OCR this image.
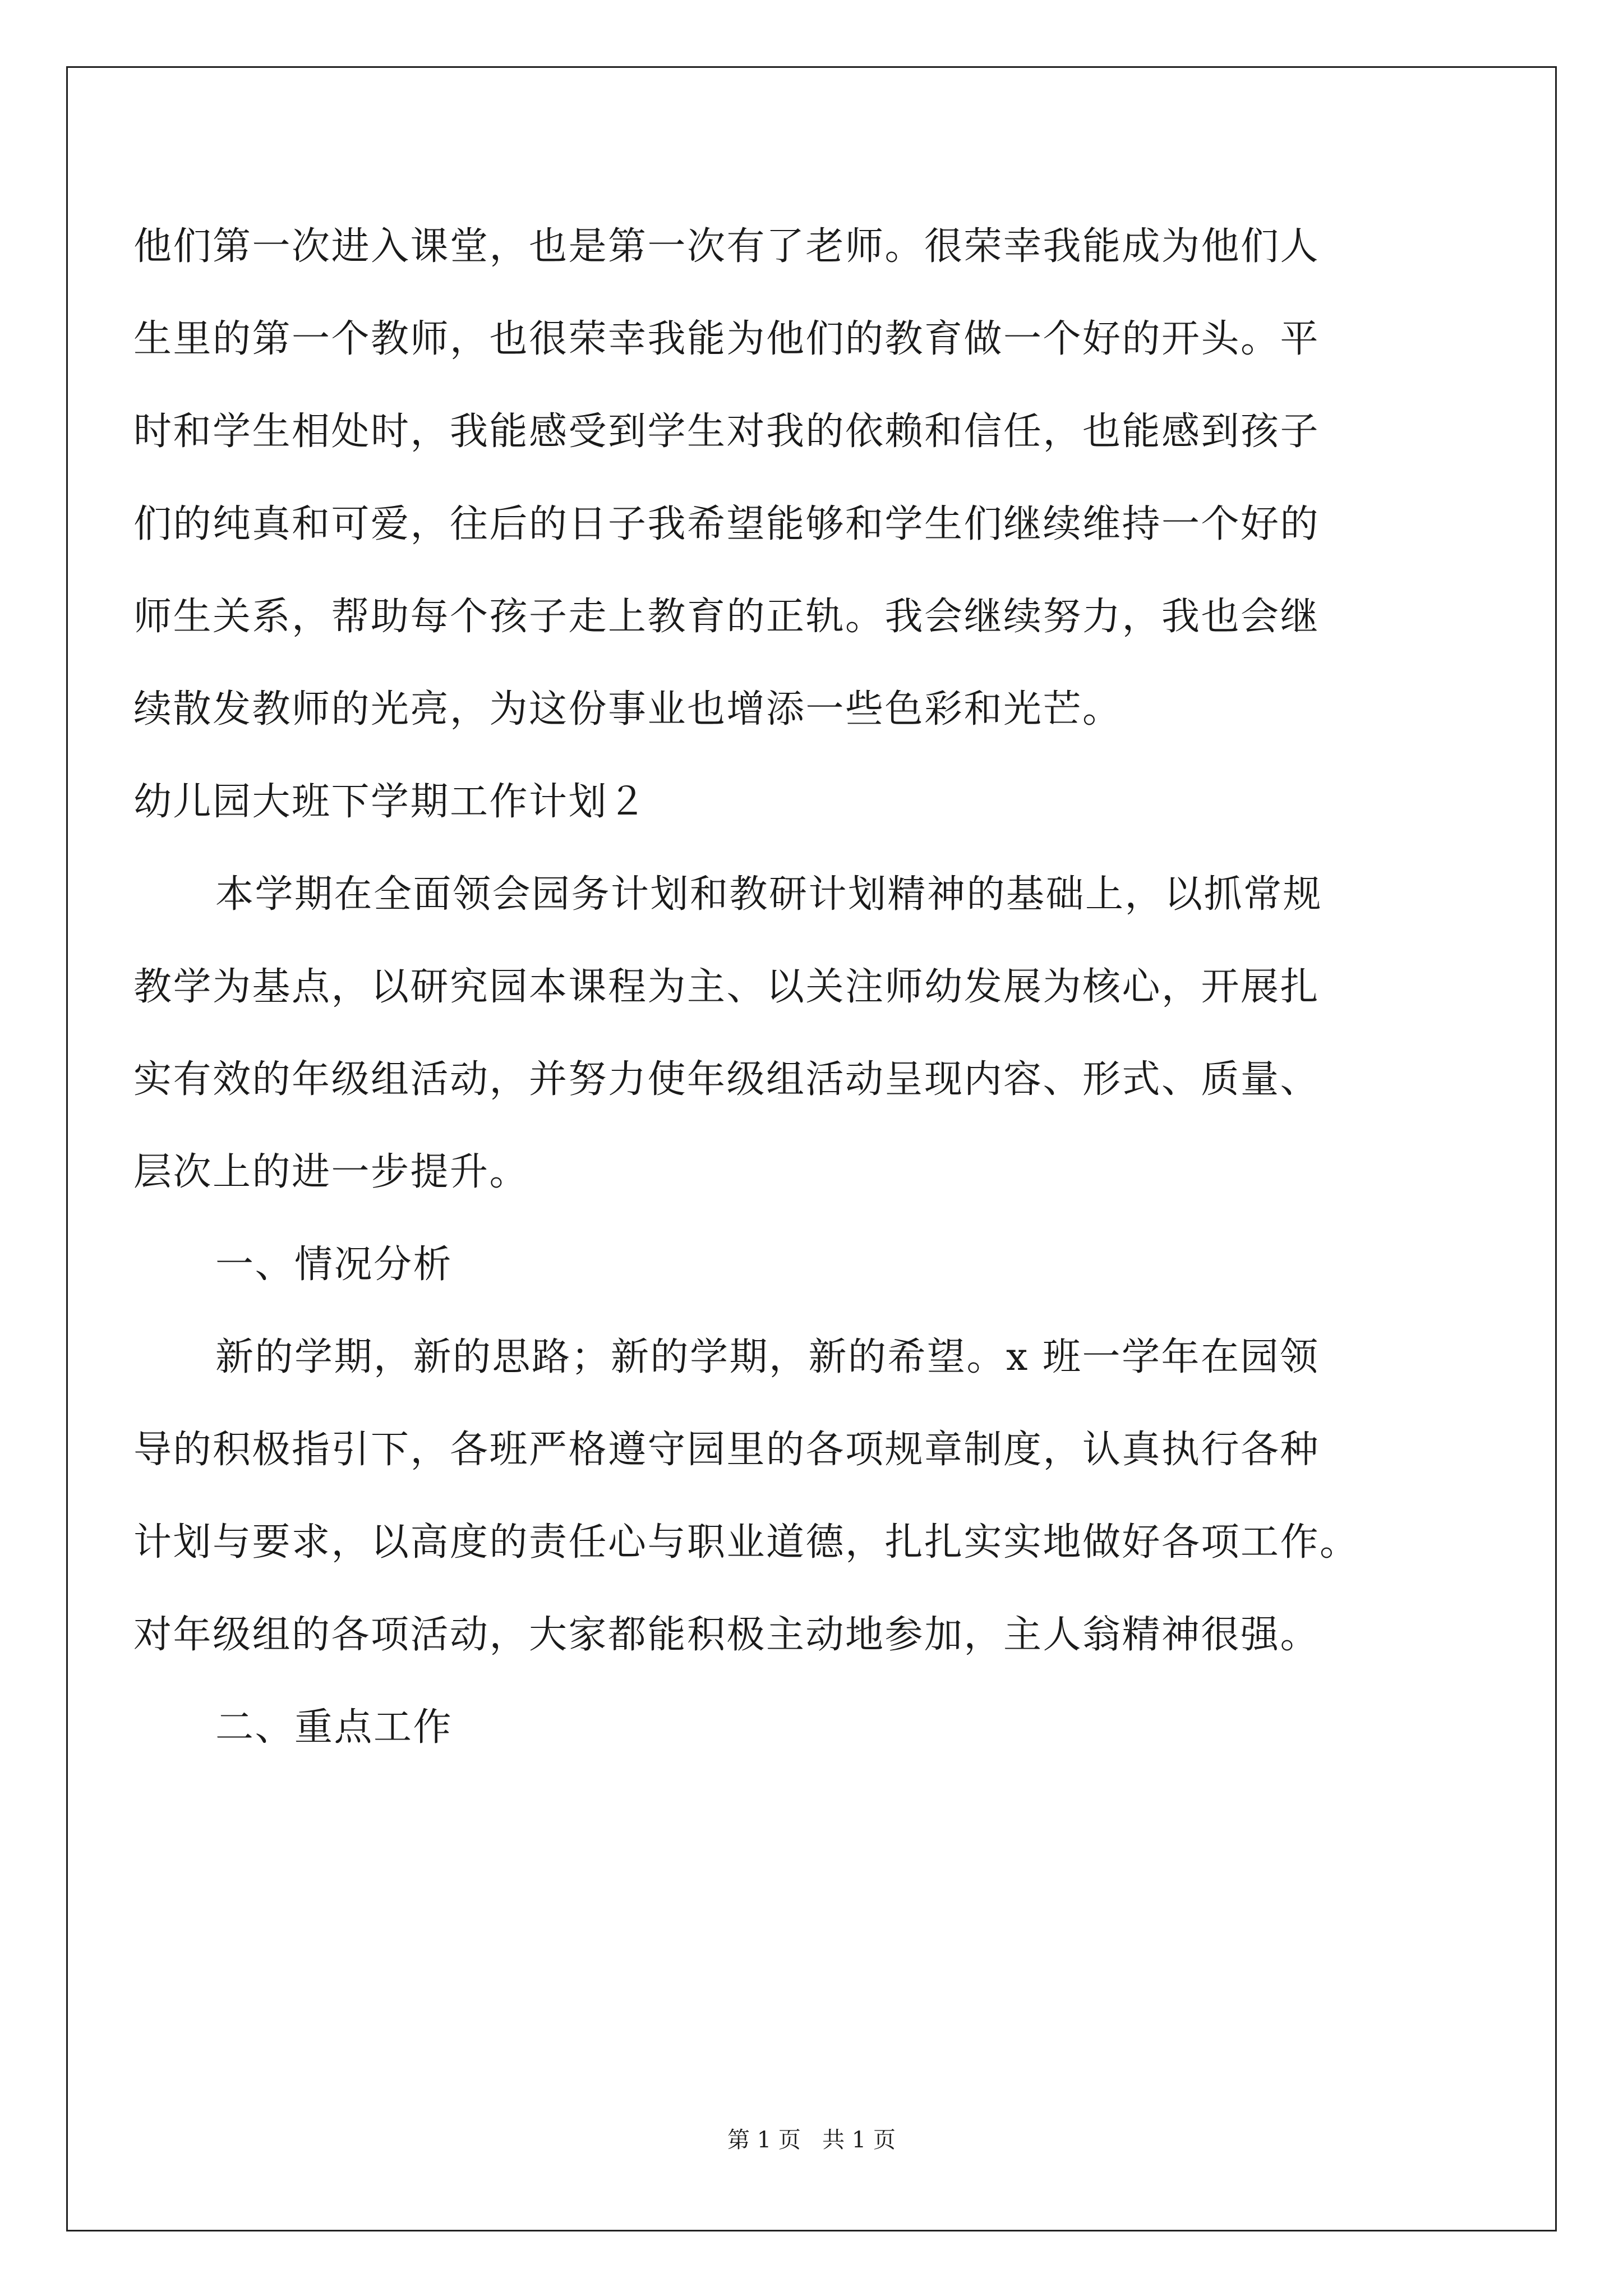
他们第一次进入课堂，也是第一次有了老师。很荣幸我能成为他们人
生里的第一个教师，也很荣幸我能为他们的教育做一个好的开头。平
时和学生相处时，我能感受到学生对我的依赖和信任，也能感到孩子
们的纯真和可爱，往后的日子我希望能够和学生们继续维持一个好的
师生关系，帮助每个孩子走上教育的正轨。我会继续努力，我也会继
续散发教师的光亮，为这份事业也增添一些色彩和光芒。
幼儿园大班下学期工作计划２
本学期在全面领会园务计划和教研计划精神的基础上，以抓常规
教学为基点，以研究园本课程为主、以关注师幼发展为核心，开展扎
实有效的年级组活动，并努力使年级组活动呈现内容、形式、质量、
层次上的进一步提升。
一、情况分析
新的学期，新的思路；新的学期，新的希望。x 班一学年在园领
导的积极指引下，各班严格遵守园里的各项规章制度，认真执行各种
计划与要求，以高度的责任心与职业道德，扎扎实实地做好各项工作。
对年级组的各项活动，大家都能积极主动地参加，主人翁精神很强。
二、重点工作
第 1 页   共 1 页
